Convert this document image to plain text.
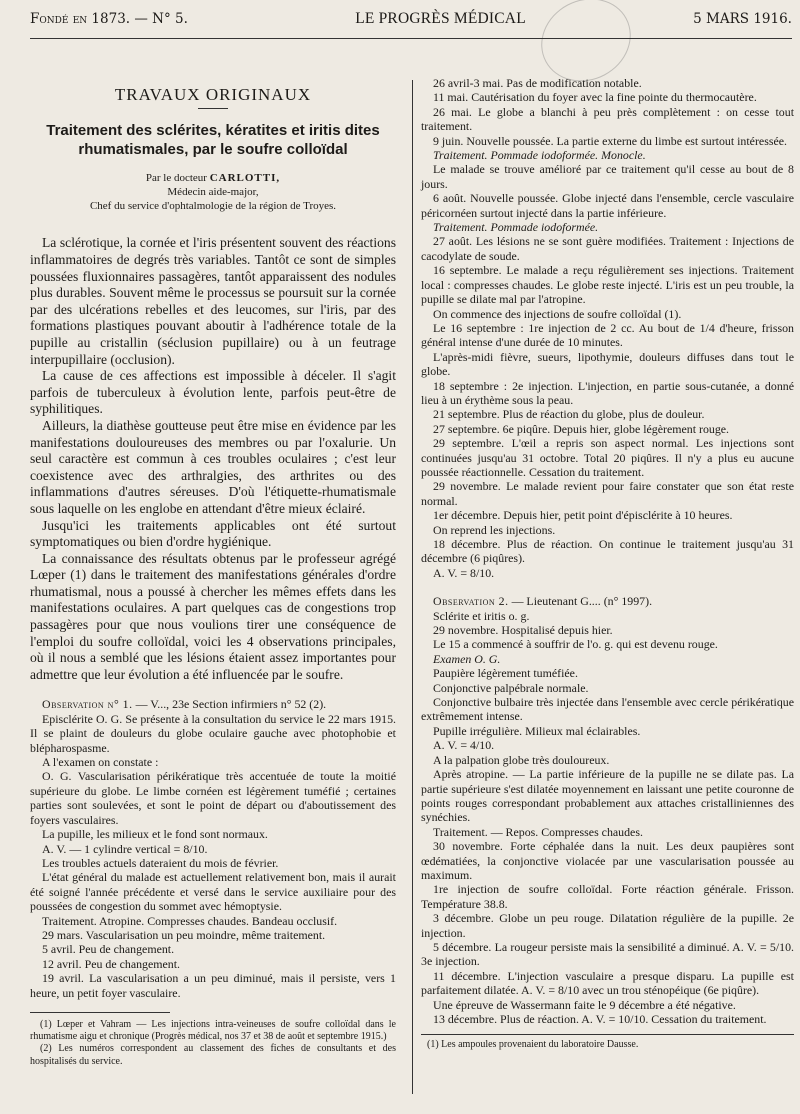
Fondé en 1873. — N° 5.	LE PROGRÈS MÉDICAL	5 MARS 1916.
TRAVAUX ORIGINAUX
Traitement des sclérites, kératites et iritis dites rhumatismales, par le soufre colloïdal
Par le docteur CARLOTTI,
Médecin aide-major,
Chef du service d'ophtalmologie de la région de Troyes.

La sclérotique, la cornée et l'iris présentent souvent des réactions inflammatoires de degrés très variables. Tantôt ce sont de simples poussées fluxionnaires passagères, tantôt apparaissent des nodules plus durables. Souvent même le processus se poursuit sur la cornée par des ulcérations rebelles et des leucomes, sur l'iris, par des formations plastiques pouvant aboutir à l'adhérence totale de la pupille au cristallin (séclusion pupillaire) ou à un feutrage interpupillaire (occlusion).

La cause de ces affections est impossible à déceler. Il s'agit parfois de tuberculeux à évolution lente, parfois peut-être de syphilitiques.

Ailleurs, la diathèse goutteuse peut être mise en évidence par les manifestations douloureuses des membres ou par l'oxalurie. Un seul caractère est commun à ces troubles oculaires ; c'est leur coexistence avec des arthralgies, des arthrites ou des inflammations d'autres séreuses. D'où l'étiquette-rhumatismale sous laquelle on les englobe en attendant d'être mieux éclairé.

Jusqu'ici les traitements applicables ont été surtout symptomatiques ou bien d'ordre hygiénique.

La connaissance des résultats obtenus par le professeur agrégé Lœper (1) dans le traitement des manifestations générales d'ordre rhumatismal, nous a poussé à chercher les mêmes effets dans les manifestations oculaires. A part quelques cas de congestions trop passagères pour que nous voulions tirer une conséquence de l'emploi du soufre colloïdal, voici les 4 observations principales, où il nous a semblé que les lésions étaient assez importantes pour admettre que leur évolution a été influencée par le soufre.

Observation n° 1. — V..., 23e Section infirmiers n° 52 (2).

Episclérite O. G. Se présente à la consultation du service le 22 mars 1915. Il se plaint de douleurs du globe oculaire gauche avec photophobie et blépharospasme.

A l'examen on constate :

O. G. Vascularisation périkératique très accentuée de toute la moitié supérieure du globe. Le limbe cornéen est légèrement tuméfié ; certaines parties sont soulevées, et sont le point de départ ou d'aboutissement des foyers vasculaires.

La pupille, les milieux et le fond sont normaux.

A. V. — 1 cylindre vertical = 8/10.

Les troubles actuels dateraient du mois de février.

L'état général du malade est actuellement relativement bon, mais il aurait été soigné l'année précédente et versé dans le service auxiliaire pour des poussées de congestion du sommet avec hémoptysie.

Traitement. Atropine. Compresses chaudes. Bandeau occlusif.

29 mars. Vascularisation un peu moindre, même traitement.

5 avril. Peu de changement.

12 avril. Peu de changement.

19 avril. La vascularisation a un peu diminué, mais il persiste, vers 1 heure, un petit foyer vasculaire.

(1) Lœper et Vahram — Les injections intra-veineuses de soufre colloïdal dans le rhumatisme aigu et chronique (Progrès médical, nos 37 et 38 de août et septembre 1915.)

(2) Les numéros correspondent au classement des fiches de consultants et des hospitalisés du service.

26 avril-3 mai. Pas de modification notable.

11 mai. Cautérisation du foyer avec la fine pointe du thermocautère.

26 mai. Le globe a blanchi à peu près complètement : on cesse tout traitement.

9 juin. Nouvelle poussée. La partie externe du limbe est surtout intéressée.

Traitement. Pommade iodoformée. Monocle.

Le malade se trouve amélioré par ce traitement qu'il cesse au bout de 8 jours.

6 août. Nouvelle poussée. Globe injecté dans l'ensemble, cercle vasculaire péricornéen surtout injecté dans la partie inférieure.

Traitement. Pommade iodoformée.

27 août. Les lésions ne se sont guère modifiées. Traitement : Injections de cacodylate de soude.

16 septembre. Le malade a reçu régulièrement ses injections. Traitement local : compresses chaudes. Le globe reste injecté. L'iris est un peu trouble, la pupille se dilate mal par l'atropine.

On commence des injections de soufre colloïdal (1).

Le 16 septembre : 1re injection de 2 cc. Au bout de 1/4 d'heure, frisson général intense d'une durée de 10 minutes.

L'après-midi fièvre, sueurs, lipothymie, douleurs diffuses dans tout le globe.

18 septembre : 2e injection. L'injection, en partie sous-cutanée, a donné lieu à un érythème sous la peau.

21 septembre. Plus de réaction du globe, plus de douleur.

27 septembre. 6e piqûre. Depuis hier, globe légèrement rouge.

29 septembre. L'œil a repris son aspect normal. Les injections sont continuées jusqu'au 31 octobre. Total 20 piqûres. Il n'y a plus eu aucune poussée réactionnelle. Cessation du traitement.

29 novembre. Le malade revient pour faire constater que son état reste normal.

1er décembre. Depuis hier, petit point d'épisclérite à 10 heures.

On reprend les injections.

18 décembre. Plus de réaction. On continue le traitement jusqu'au 31 décembre (6 piqûres).

A. V. = 8/10.

Observation 2. — Lieutenant G.... (n° 1997).

Sclérite et iritis o. g.

29 novembre. Hospitalisé depuis hier.

Le 15 a commencé à souffrir de l'o. g. qui est devenu rouge.

Examen O. G.

Paupière légèrement tuméfiée.

Conjonctive palpébrale normale.

Conjonctive bulbaire très injectée dans l'ensemble avec cercle périkératique extrêmement intense.

Pupille irrégulière. Milieux mal éclairables.

A. V. = 4/10.

A la palpation globe très douloureux.

Après atropine. — La partie inférieure de la pupille ne se dilate pas. La partie supérieure s'est dilatée moyennement en laissant une petite couronne de points rouges correspondant probablement aux attaches cristalliniennes des synéchies.

Traitement. — Repos. Compresses chaudes.

30 novembre. Forte céphalée dans la nuit. Les deux paupières sont œdématiées, la conjonctive violacée par une vascularisation poussée au maximum.

1re injection de soufre colloïdal. Forte réaction générale. Frisson. Température 38.8.

3 décembre. Globe un peu rouge. Dilatation régulière de la pupille. 2e injection.

5 décembre. La rougeur persiste mais la sensibilité a diminué. A. V. = 5/10. 3e injection.

11 décembre. L'injection vasculaire a presque disparu. La pupille est parfaitement dilatée. A. V. = 8/10 avec un trou sténopéique (6e piqûre).

Une épreuve de Wassermann faite le 9 décembre a été négative.

13 décembre. Plus de réaction. A. V. = 10/10. Cessation du traitement.

(1) Les ampoules provenaient du laboratoire Dausse.
